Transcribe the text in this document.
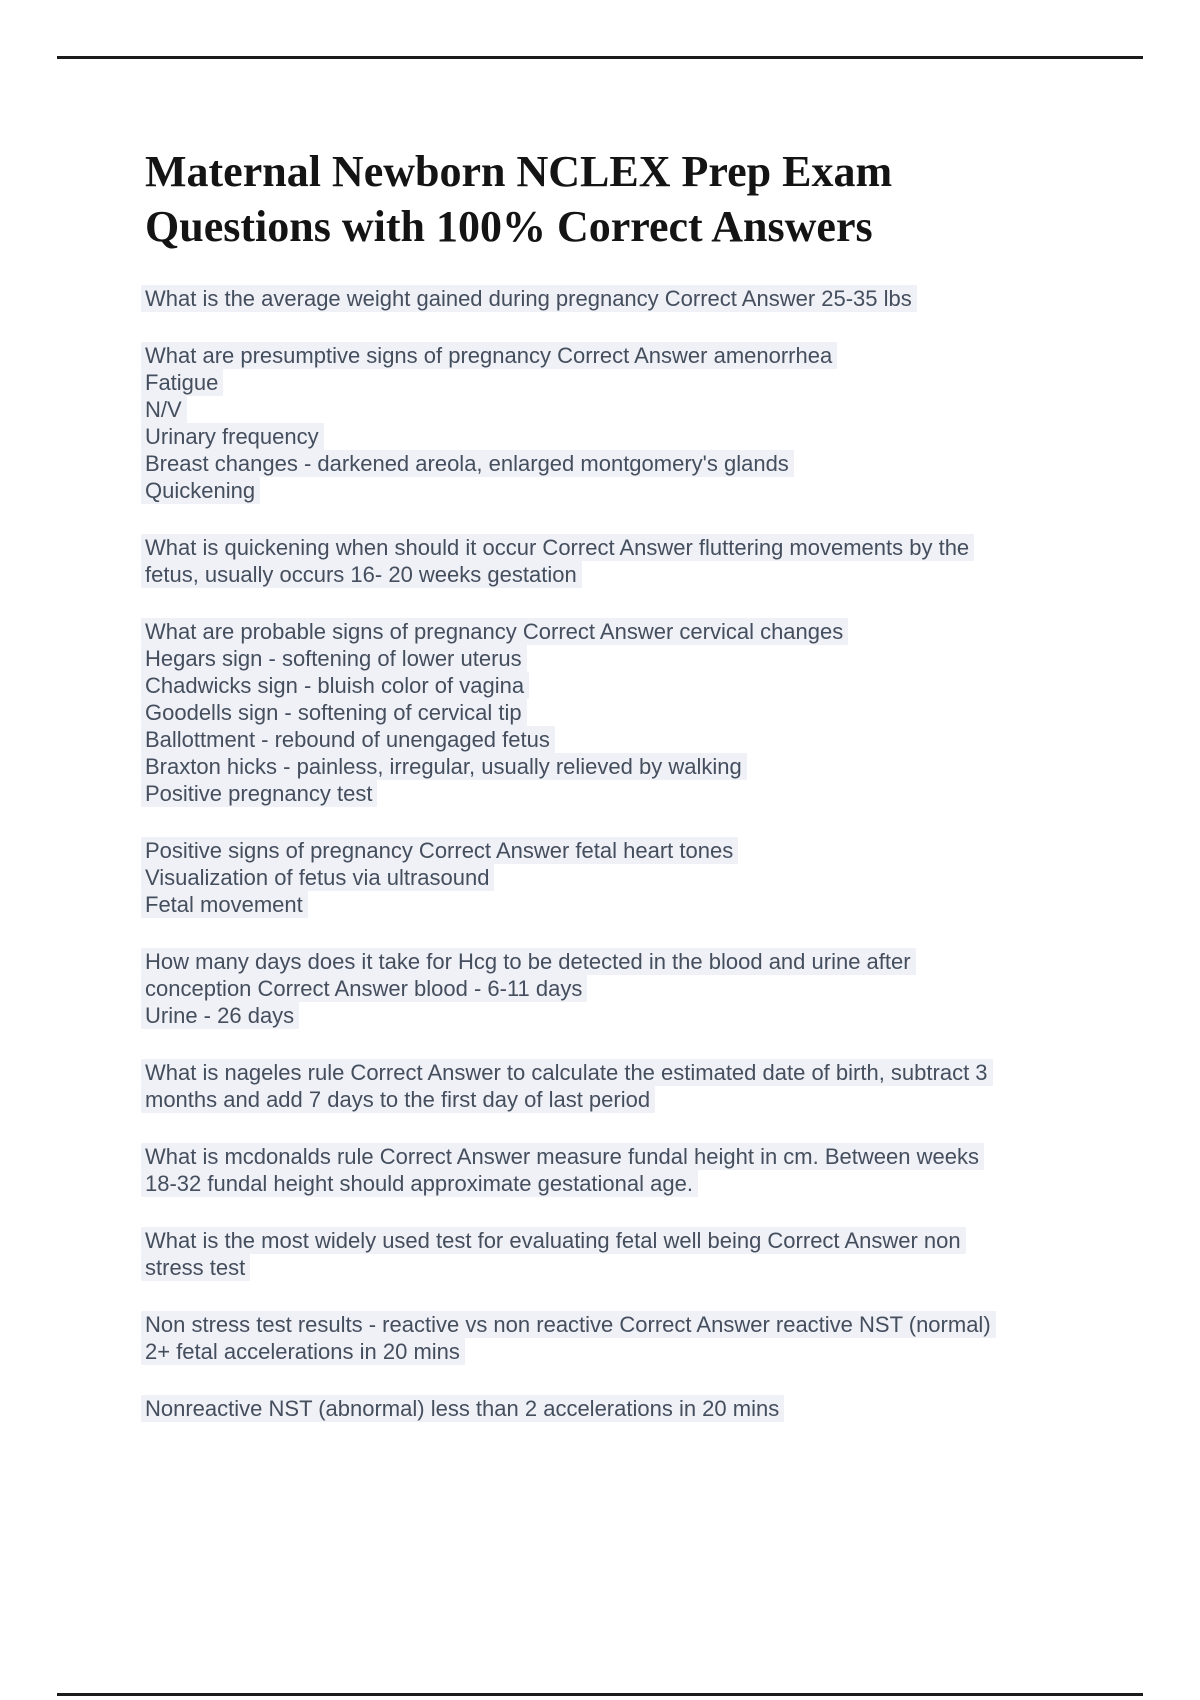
Maternal Newborn NCLEX Prep Exam
Questions with 100% Correct Answers
What is the average weight gained during pregnancy Correct Answer 25-35 lbs
What are presumptive signs of pregnancy Correct Answer amenorrhea
Fatigue
N/V
Urinary frequency
Breast changes - darkened areola, enlarged montgomery's glands
Quickening
What is quickening when should it occur Correct Answer fluttering movements by the
fetus, usually occurs 16- 20 weeks gestation
What are probable signs of pregnancy Correct Answer cervical changes
Hegars sign - softening of lower uterus
Chadwicks sign - bluish color of vagina
Goodells sign - softening of cervical tip
Ballottment - rebound of unengaged fetus
Braxton hicks - painless, irregular, usually relieved by walking
Positive pregnancy test
Positive signs of pregnancy Correct Answer fetal heart tones
Visualization of fetus via ultrasound
Fetal movement
How many days does it take for Hcg to be detected in the blood and urine after
conception Correct Answer blood - 6-11 days
Urine - 26 days
What is nageles rule Correct Answer to calculate the estimated date of birth, subtract 3
months and add 7 days to the first day of last period
What is mcdonalds rule Correct Answer measure fundal height in cm. Between weeks
18-32 fundal height should approximate gestational age.
What is the most widely used test for evaluating fetal well being Correct Answer non
stress test
Non stress test results - reactive vs non reactive Correct Answer reactive NST (normal)
2+ fetal accelerations in 20 mins
Nonreactive NST (abnormal) less than 2 accelerations in 20 mins
